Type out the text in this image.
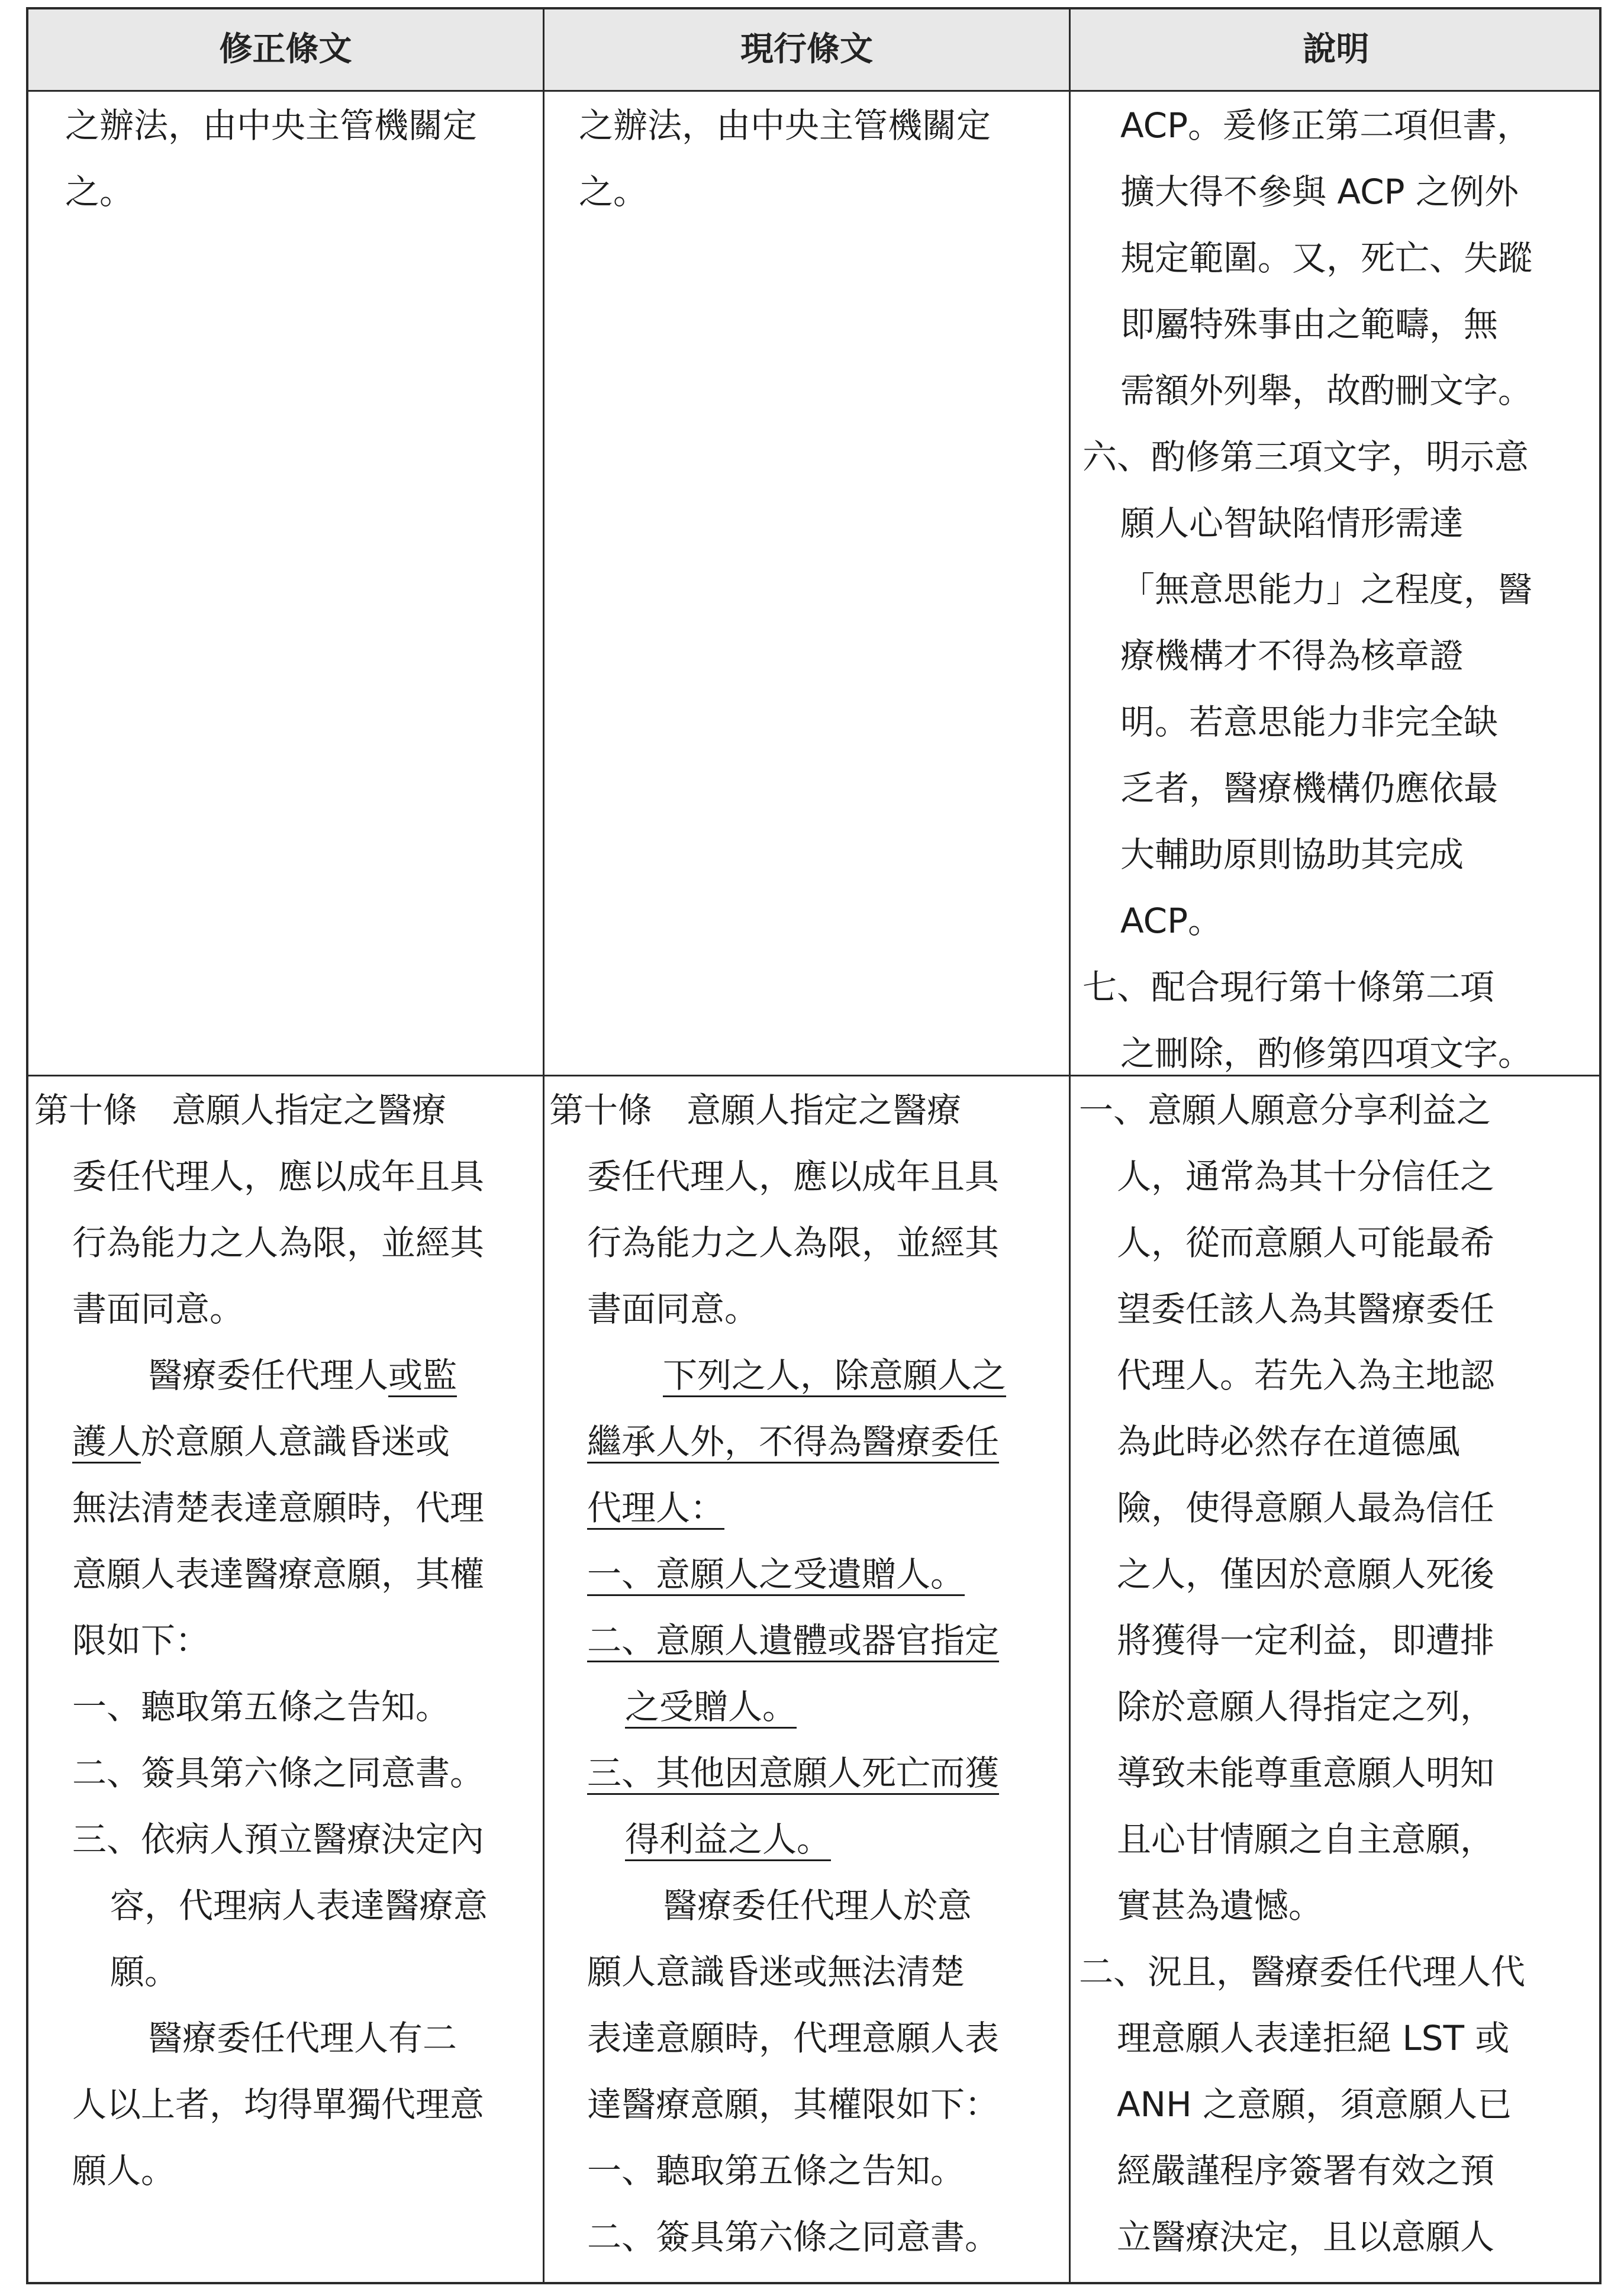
修正條文	現行條文	說明

之辦法，由中央主管機關定

之。

之辦法，由中央主管機關定

之。

ACP。爰修正第二項但書，

擴大得不參與 ACP 之例外

規定範圍。又，死亡、失蹤

即屬特殊事由之範疇，無

需額外列舉，故酌刪文字。

六、酌修第三項文字，明示意

願人心智缺陷情形需達

「無意思能力」之程度，醫

療機構才不得為核章證

明。若意思能力非完全缺

乏者，醫療機構仍應依最

大輔助原則協助其完成

ACP。

七、配合現行第十條第二項

之刪除，酌修第四項文字。

第十條　意願人指定之醫療

委任代理人，應以成年且具

行為能力之人為限，並經其

書面同意。

醫療委任代理人或監

護人於意願人意識昏迷或

無法清楚表達意願時，代理

意願人表達醫療意願，其權

限如下：

一、聽取第五條之告知。

二、簽具第六條之同意書。

三、依病人預立醫療決定內

容，代理病人表達醫療意

願。

醫療委任代理人有二

人以上者，均得單獨代理意

願人。

第十條　意願人指定之醫療

委任代理人，應以成年且具

行為能力之人為限，並經其

書面同意。

下列之人，除意願人之

繼承人外，不得為醫療委任

代理人：

一、意願人之受遺贈人。

二、意願人遺體或器官指定

之受贈人。

三、其他因意願人死亡而獲

得利益之人。

醫療委任代理人於意

願人意識昏迷或無法清楚

表達意願時，代理意願人表

達醫療意願，其權限如下：

一、聽取第五條之告知。

二、簽具第六條之同意書。

一、意願人願意分享利益之

人，通常為其十分信任之

人，從而意願人可能最希

望委任該人為其醫療委任

代理人。若先入為主地認

為此時必然存在道德風

險，使得意願人最為信任

之人，僅因於意願人死後

將獲得一定利益，即遭排

除於意願人得指定之列，

導致未能尊重意願人明知

且心甘情願之自主意願，

實甚為遺憾。

二、況且，醫療委任代理人代

理意願人表達拒絕 LST 或

ANH 之意願，須意願人已

經嚴謹程序簽署有效之預

立醫療決定，且以意願人
